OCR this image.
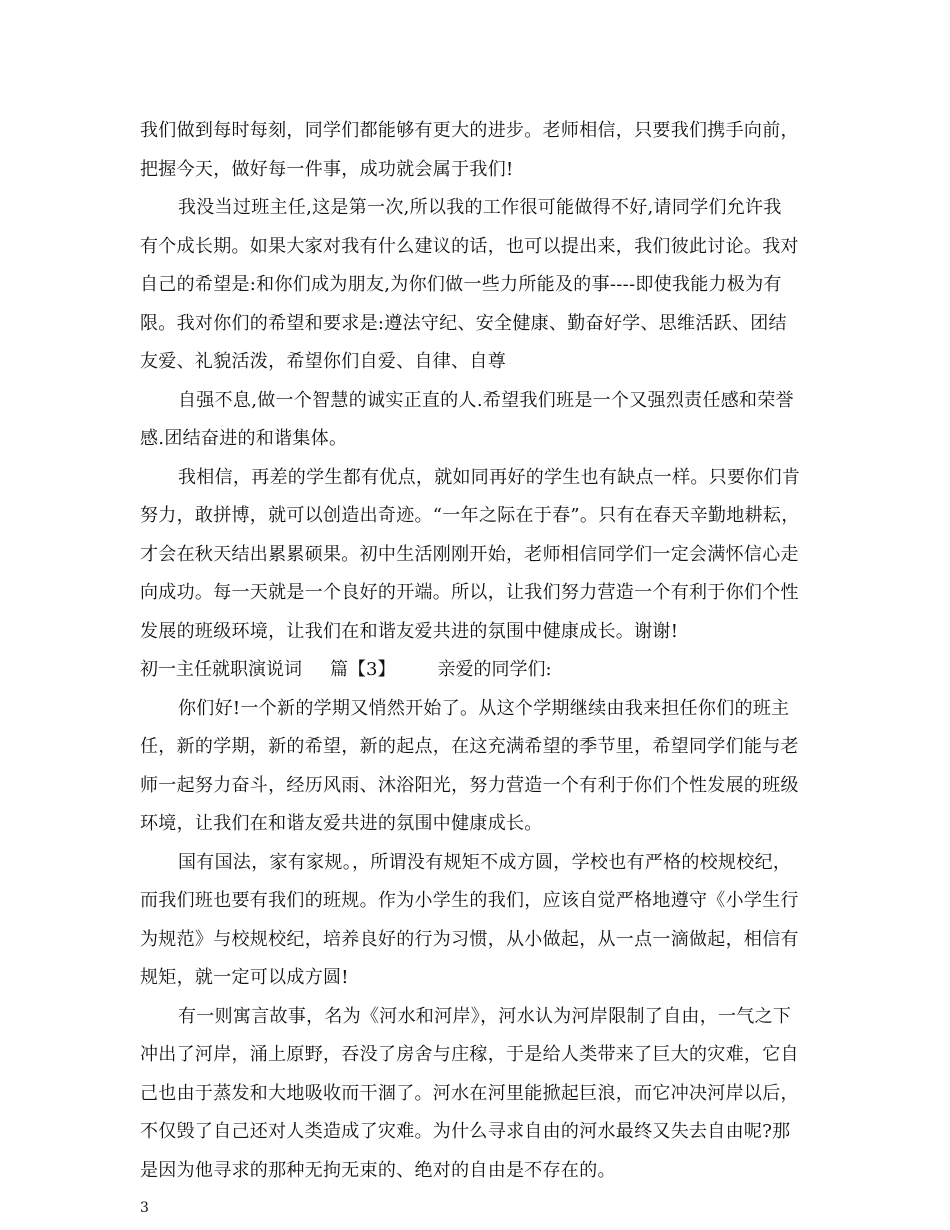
我们做到每时每刻，同学们都能够有更大的进步。老师相信，只要我们携手向前，
把握今天，做好每一件事，成功就会属于我们!
我没当过班主任,这是第一次,所以我的工作很可能做得不好,请同学们允许我
有个成长期。如果大家对我有什么建议的话，也可以提出来，我们彼此讨论。我对
自己的希望是:和你们成为朋友,为你们做一些力所能及的事----即使我能力极为有
限。我对你们的希望和要求是:遵法守纪、安全健康、勤奋好学、思维活跃、团结
友爱、礼貌活泼，希望你们自爱、自律、自尊
自强不息,做一个智慧的诚实正直的人.希望我们班是一个又强烈责任感和荣誉
感.团结奋进的和谐集体。
我相信，再差的学生都有优点，就如同再好的学生也有缺点一样。只要你们肯
努力，敢拼博，就可以创造出奇迹。“一年之际在于春”。只有在春天辛勤地耕耘，
才会在秋天结出累累硕果。初中生活刚刚开始，老师相信同学们一定会满怀信心走
向成功。每一天就是一个良好的开端。所以，让我们努力营造一个有利于你们个性
发展的班级环境，让我们在和谐友爱共进的氛围中健康成长。谢谢!
初一主任就职演说词 篇【3】 亲爱的同学们:
你们好!一个新的学期又悄然开始了。从这个学期继续由我来担任你们的班主
任，新的学期，新的希望，新的起点，在这充满希望的季节里，希望同学们能与老
师一起努力奋斗，经历风雨、沐浴阳光，努力营造一个有利于你们个性发展的班级
环境，让我们在和谐友爱共进的氛围中健康成长。
国有国法，家有家规。，所谓没有规矩不成方圆，学校也有严格的校规校纪，
而我们班也要有我们的班规。作为小学生的我们，应该自觉严格地遵守《小学生行
为规范》与校规校纪，培养良好的行为习惯，从小做起，从一点一滴做起，相信有
规矩，就一定可以成方圆!
有一则寓言故事，名为《河水和河岸》，河水认为河岸限制了自由，一气之下
冲出了河岸，涌上原野，吞没了房舍与庄稼，于是给人类带来了巨大的灾难，它自
己也由于蒸发和大地吸收而干涸了。河水在河里能掀起巨浪，而它冲决河岸以后，
不仅毁了自己还对人类造成了灾难。为什么寻求自由的河水最终又失去自由呢?那
是因为他寻求的那种无拘无束的、绝对的自由是不存在的。
3
